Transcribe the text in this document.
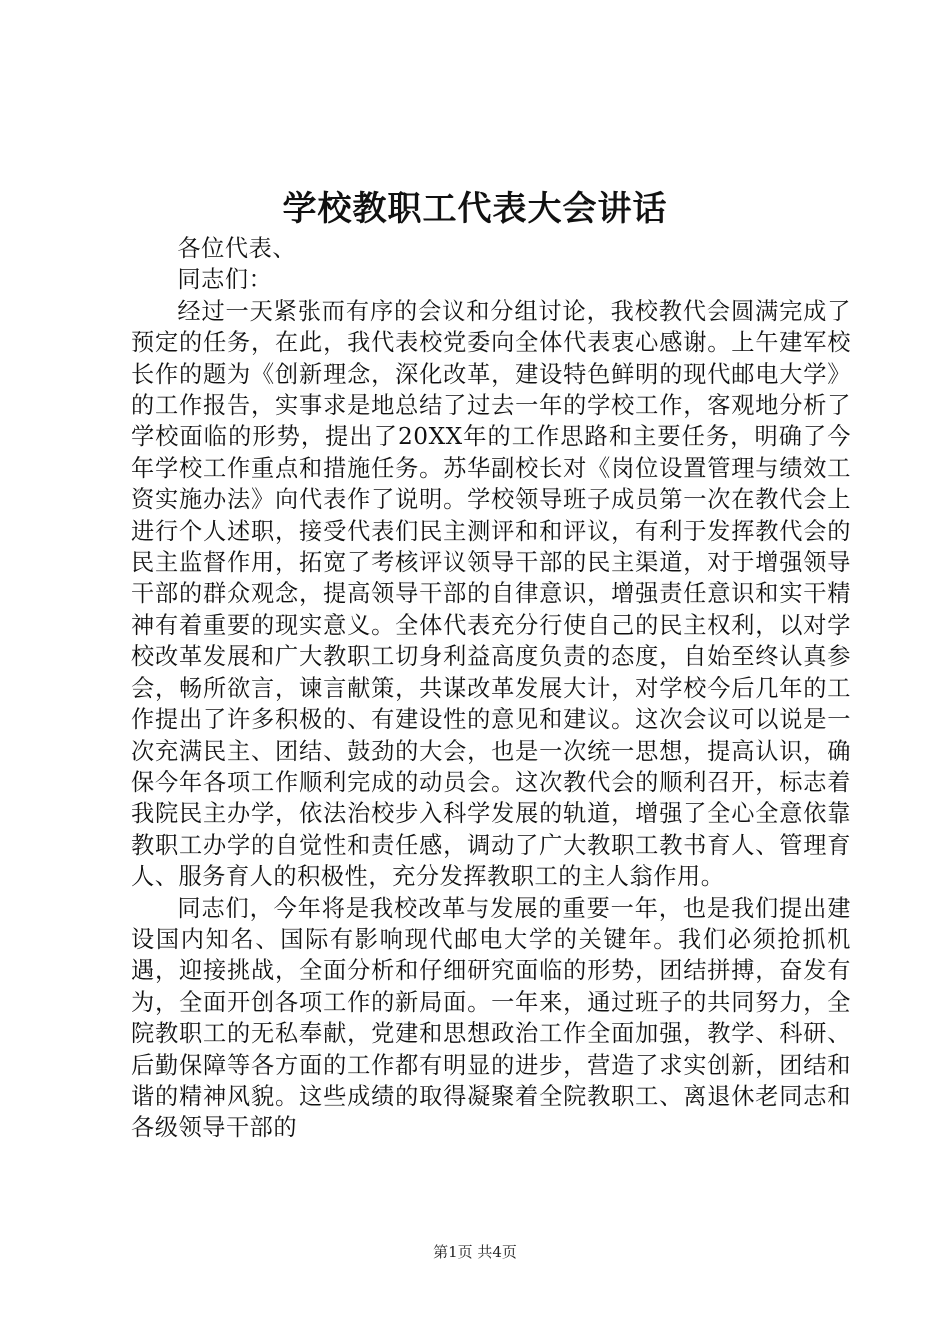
学校教职工代表大会讲话

各位代表、

同志们：

经过一天紧张而有序的会议和分组讨论，我校教代会圆满完成了预定的任务，在此，我代表校党委向全体代表衷心感谢。上午建军校长作的题为《创新理念，深化改革，建设特色鲜明的现代邮电大学》的工作报告，实事求是地总结了过去一年的学校工作，客观地分析了学校面临的形势，提出了20XX年的工作思路和主要任务，明确了今年学校工作重点和措施任务。苏华副校长对《岗位设置管理与绩效工资实施办法》向代表作了说明。学校领导班子成员第一次在教代会上进行个人述职，接受代表们民主测评和和评议，有利于发挥教代会的民主监督作用，拓宽了考核评议领导干部的民主渠道，对于增强领导干部的群众观念，提高领导干部的自律意识，增强责任意识和实干精神有着重要的现实意义。全体代表充分行使自己的民主权利，以对学校改革发展和广大教职工切身利益高度负责的态度，自始至终认真参会，畅所欲言，谏言献策，共谋改革发展大计，对学校今后几年的工作提出了许多积极的、有建设性的意见和建议。这次会议可以说是一次充满民主、团结、鼓劲的大会，也是一次统一思想，提高认识，确保今年各项工作顺利完成的动员会。这次教代会的顺利召开，标志着我院民主办学，依法治校步入科学发展的轨道，增强了全心全意依靠教职工办学的自觉性和责任感，调动了广大教职工教书育人、管理育人、服务育人的积极性，充分发挥教职工的主人翁作用。

同志们，今年将是我校改革与发展的重要一年，也是我们提出建设国内知名、国际有影响现代邮电大学的关键年。我们必须抢抓机遇，迎接挑战，全面分析和仔细研究面临的形势，团结拼搏，奋发有为，全面开创各项工作的新局面。一年来，通过班子的共同努力，全院教职工的无私奉献，党建和思想政治工作全面加强，教学、科研、后勤保障等各方面的工作都有明显的进步，营造了求实创新，团结和谐的精神风貌。这些成绩的取得凝聚着全院教职工、离退休老同志和各级领导干部的

第1页 共4页
